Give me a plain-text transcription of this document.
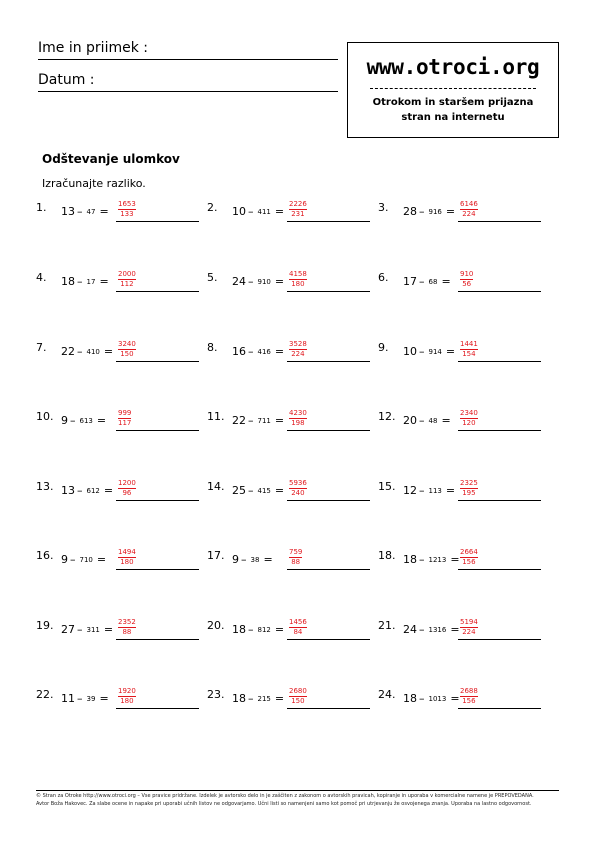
Ime in priimek :
Datum :
www.otroci.org
Otrokom in staršem prijazna
stran na internetu
Odštevanje ulomkov
Izračunajte razliko.
1. 13 – 47 =
1653
133	2. 10 – 411 =
2226
231	3. 28 – 916 =
6146
224
4. 18 – 17 =
2000
112	5. 24 – 910 =
4158
180	6. 17 – 68 =
910
56
7. 22 – 410 =
3240
150	8. 16 – 416 =
3528
224	9. 10 – 914 =
1441
154
10. 9 – 613 =
999
117	11. 22 – 711 =
4230
198	12. 20 – 48 =
2340
120
13. 13 – 612 =
1200
96	14. 25 – 415 =
5936
240	15. 12 – 113 =
2325
195
16. 9 – 710 =
1494
180	17. 9 – 38 =
759
88	18. 18 – 1213 =
2664
156
19. 27 – 311 =
2352
88	20. 18 – 812 =
1456
84	21. 24 – 1316 =
5194
224
22. 11 – 39 =
1920
180	23. 18 – 215 =
2680
150	24. 18 – 1013 =
2688
156
© Stran za Otroke http://www.otroci.org – Vse pravice pridržane. Izdelek je avtorsko delo in je zaščiten z zakonom o avtorskih pravicah, kopiranje in uporaba v komercialne namene je PREPOVEDANA.
Avtor Boža Hakovec. Za slabe ocene in napake pri uporabi učnih listov ne odgovarjamo. Učni listi so namenjeni samo kot pomoč pri utrjevanju že osvojenega znanja. Uporaba na lastno odgovornost.
